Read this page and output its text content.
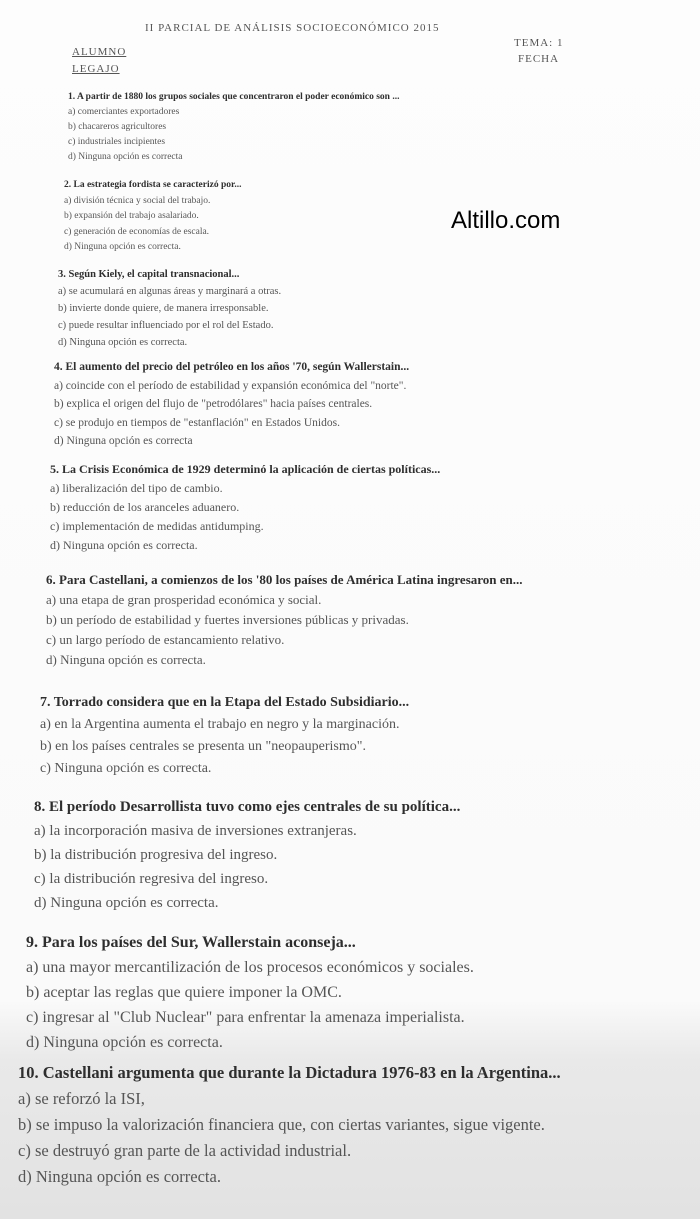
II PARCIAL DE ANÁLISIS SOCIOECONÓMICO 2015
TEMA: 1
ALUMNO
FECHA
LEGAJO
Altillo.com
1. A partir de 1880 los grupos sociales que concentraron el poder económico son ...
a) comerciantes exportadores
b) chacareros agricultores
c) industriales incipientes
d) Ninguna opción es correcta
2. La estrategia fordista se caracterizó por...
a) división técnica y social del trabajo.
b) expansión del trabajo asalariado.
c) generación de economías de escala.
d) Ninguna opción es correcta.
3. Según Kiely, el capital transnacional...
a) se acumulará en algunas áreas y marginará a otras.
b) invierte donde quiere, de manera irresponsable.
c) puede resultar influenciado por el rol del Estado.
d) Ninguna opción es correcta.
4. El aumento del precio del petróleo en los años '70, según Wallerstain...
a) coincide con el período de estabilidad y expansión económica del "norte".
b) explica el origen del flujo de "petrodólares" hacia países centrales.
c) se produjo en tiempos de "estanflación" en Estados Unidos.
d) Ninguna opción es correcta
5. La Crisis Económica de 1929 determinó la aplicación de ciertas políticas...
a) liberalización del tipo de cambio.
b) reducción de los aranceles aduanero.
c) implementación de medidas antidumping.
d) Ninguna opción es correcta.
6. Para Castellani, a comienzos de los '80 los países de América Latina ingresaron en...
a) una etapa de gran prosperidad económica y social.
b) un período de estabilidad y fuertes inversiones públicas y privadas.
c) un largo período de estancamiento relativo.
d) Ninguna opción es correcta.
7. Torrado considera que en la Etapa del Estado Subsidiario...
a) en la Argentina aumenta el trabajo en negro y la marginación.
b) en los países centrales se presenta un "neopauperismo".
c) Ninguna opción es correcta.
8. El período Desarrollista tuvo como ejes centrales de su política...
a) la incorporación masiva de inversiones extranjeras.
b) la distribución progresiva del ingreso.
c) la distribución regresiva del ingreso.
d) Ninguna opción es correcta.
9. Para los países del Sur, Wallerstain aconseja...
a) una mayor mercantilización de los procesos económicos y sociales.
b) aceptar las reglas que quiere imponer la OMC.
c) ingresar al "Club Nuclear" para enfrentar la amenaza imperialista.
d) Ninguna opción es correcta.
10. Castellani argumenta que durante la Dictadura 1976-83 en la Argentina...
a) se reforzó la ISI,
b) se impuso la valorización financiera que, con ciertas variantes, sigue vigente.
c) se destruyó gran parte de la actividad industrial.
d) Ninguna opción es correcta.
